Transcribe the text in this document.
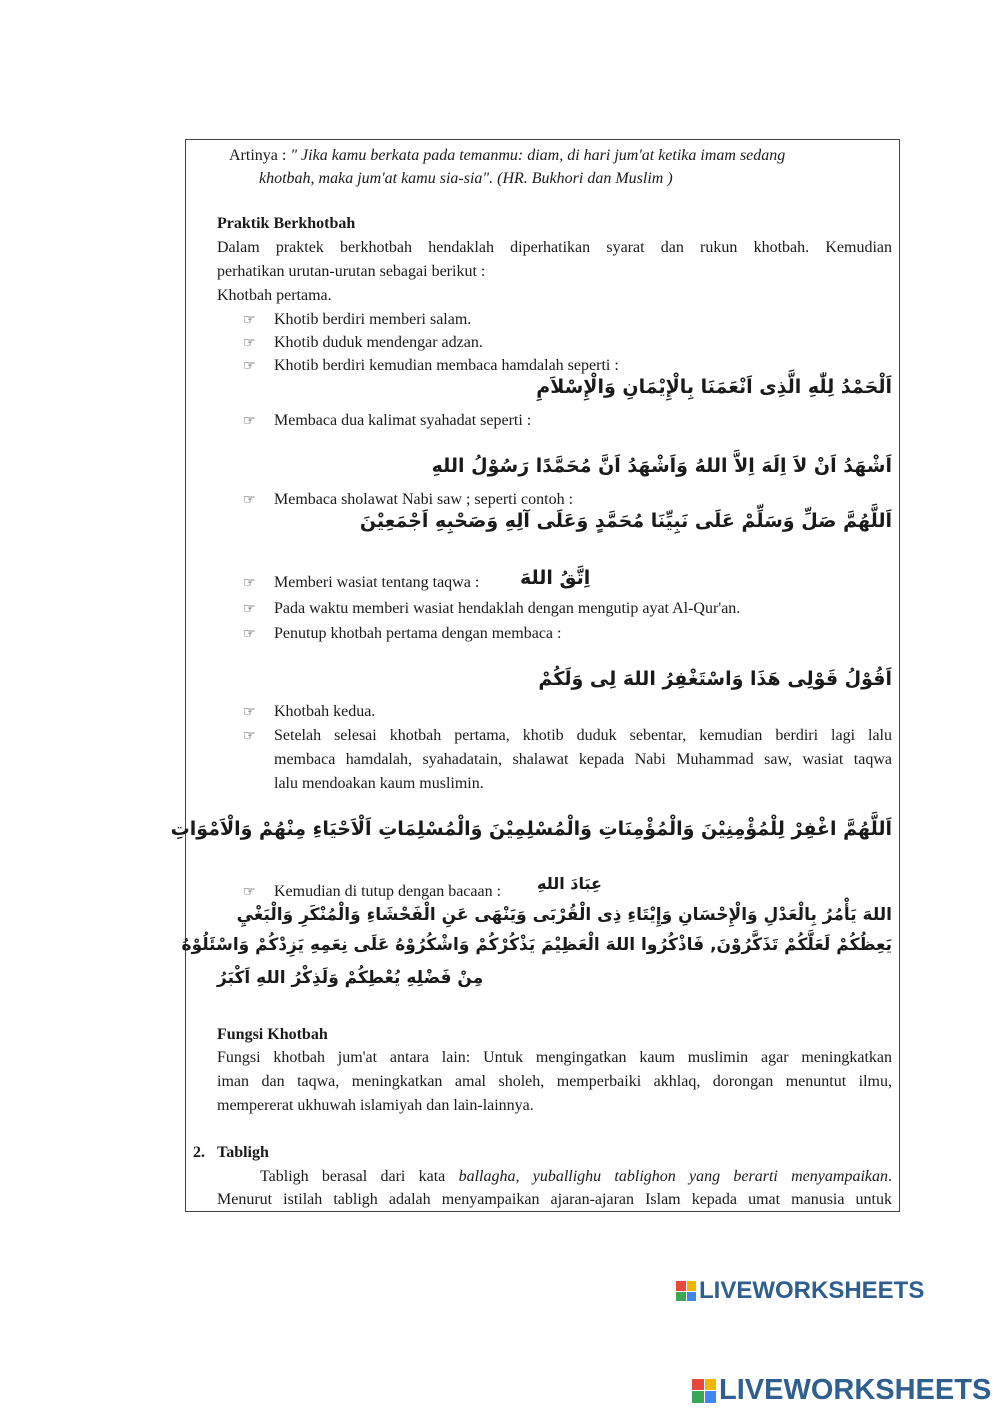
Artinya : " Jika kamu berkata pada temanmu: diam, di hari jum'at ketika imam sedang
khotbah, maka jum'at kamu sia-sia". (HR. Bukhori dan Muslim )
Praktik Berkhotbah
Dalam praktek berkhotbah hendaklah diperhatikan syarat dan rukun khotbah. Kemudian
perhatikan urutan-urutan sebagai berikut :
Khotbah pertama.
☞ Khotib berdiri memberi salam.
☞ Khotib duduk mendengar adzan.
☞ Khotib berdiri kemudian membaca hamdalah seperti :
اَلْحَمْدُ لِلّٰهِ الَّذِى اَنْعَمَنَا بِالْإِيْمَانِ وَالْإِسْلاَمِ
☞ Membaca dua kalimat syahadat seperti :
اَشْهَدُ اَنْ لاَ اِلَهَ اِلاَّ اللهُ وَاَشْهَدُ اَنَّ مُحَمَّدًا رَسُوْلُ اللهِ
☞ Membaca sholawat Nabi saw ; seperti contoh :
اَللَّهُمَّ صَلِّ وَسَلِّمْ عَلَى نَبِيِّنَا مُحَمَّدٍ وَعَلَى آلِهِ وَصَحْبِهِ اَجْمَعِيْنَ
☞ Memberi wasiat tentang taqwa : اِتَّقُ اللهَ
☞ Pada waktu memberi wasiat hendaklah dengan mengutip ayat Al-Qur'an.
☞ Penutup khotbah pertama dengan membaca :
اَقُوْلُ قَوْلِى هَذَا وَاسْتَغْفِرُ اللهَ لِى وَلَكُمْ
☞ Khotbah kedua.
☞ Setelah selesai khotbah pertama, khotib duduk sebentar, kemudian berdiri lagi lalu
membaca hamdalah, syahadatain, shalawat kepada Nabi Muhammad saw, wasiat taqwa
lalu mendoakan kaum muslimin.
اَللَّهُمَّ اغْفِرْ لِلْمُؤْمِنِيْنَ وَالْمُؤْمِنَاتِ وَالْمُسْلِمِيْنَ وَالْمُسْلِمَاتِ اَلْاَحْيَاءِ مِنْهُمْ وَالْاَمْوَاتِ
☞ Kemudian di tutup dengan bacaan : عِبَادَ اللهِ
اللهَ يَأْمُرُ بِالْعَدْلِ وَالْإِحْسَانِ وَإِيْتَاءِ ذِى الْقُرْبَى وَيَنْهَى عَنِ الْفَحْشَاءِ وَالْمُنْكَرِ وَالْبَغْيِ
يَعِظُكُمْ لَعَلَّكُمْ تَذَكَّرُوْنَ, فَاذْكُرُوا اللهَ الْعَظِيْمَ يَذْكُرْكُمْ وَاشْكُرُوْهُ عَلَى نِعَمِهِ يَزِدْكُمْ وَاسْئَلُوْهُ
مِنْ فَضْلِهِ يُعْطِكُمْ وَلَذِكْرُ اللهِ اَكْبَرُ
Fungsi Khotbah
Fungsi khotbah jum'at antara lain: Untuk mengingatkan kaum muslimin agar meningkatkan
iman dan taqwa, meningkatkan amal sholeh, memperbaiki akhlaq, dorongan menuntut ilmu,
mempererat ukhuwah islamiyah dan lain-lainnya.
2. Tabligh
Tabligh berasal dari kata ballagha, yuballighu tablighon yang berarti menyampaikan.
Menurut istilah tabligh adalah menyampaikan ajaran-ajaran Islam kepada umat manusia untuk
LIVEWORKSHEETS
LIVEWORKSHEETS
